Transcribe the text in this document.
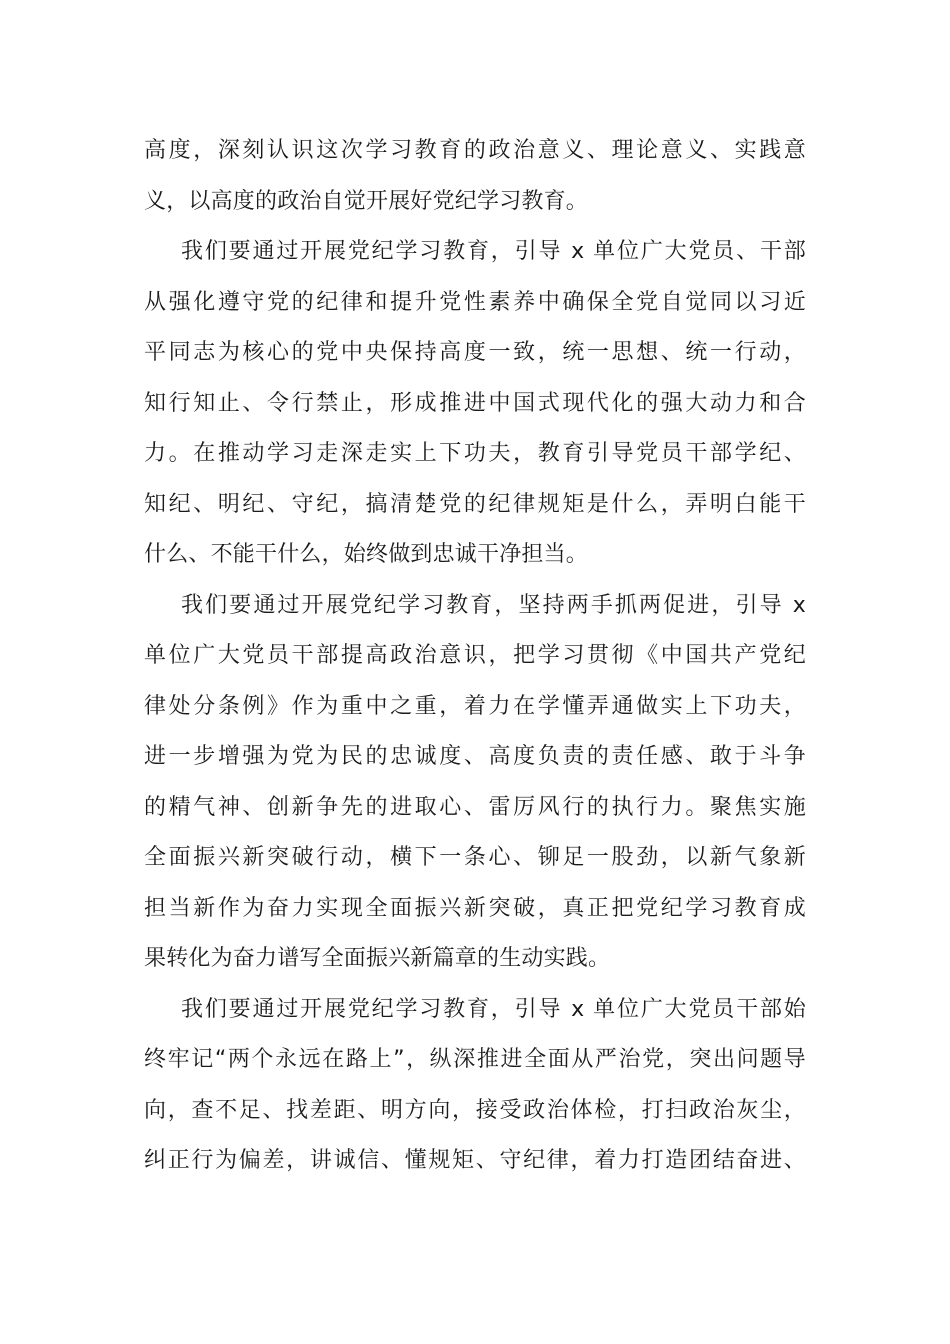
高度，深刻认识这次学习教育的政治意义、理论意义、实践意
义，以高度的政治自觉开展好党纪学习教育。
我们要通过开展党纪学习教育，引导 x 单位广大党员、干部
从强化遵守党的纪律和提升党性素养中确保全党自觉同以习近
平同志为核心的党中央保持高度一致，统一思想、统一行动，
知行知止、令行禁止，形成推进中国式现代化的强大动力和合
力。在推动学习走深走实上下功夫，教育引导党员干部学纪、
知纪、明纪、守纪，搞清楚党的纪律规矩是什么，弄明白能干
什么、不能干什么，始终做到忠诚干净担当。
我们要通过开展党纪学习教育，坚持两手抓两促进，引导 x
单位广大党员干部提高政治意识，把学习贯彻《中国共产党纪
律处分条例》作为重中之重，着力在学懂弄通做实上下功夫，
进一步增强为党为民的忠诚度、高度负责的责任感、敢于斗争
的精气神、创新争先的进取心、雷厉风行的执行力。聚焦实施
全面振兴新突破行动，横下一条心、铆足一股劲，以新气象新
担当新作为奋力实现全面振兴新突破，真正把党纪学习教育成
果转化为奋力谱写全面振兴新篇章的生动实践。
我们要通过开展党纪学习教育，引导 x 单位广大党员干部始
终牢记“两个永远在路上”，纵深推进全面从严治党，突出问题导
向，查不足、找差距、明方向，接受政治体检，打扫政治灰尘，
纠正行为偏差，讲诚信、懂规矩、守纪律，着力打造团结奋进、
